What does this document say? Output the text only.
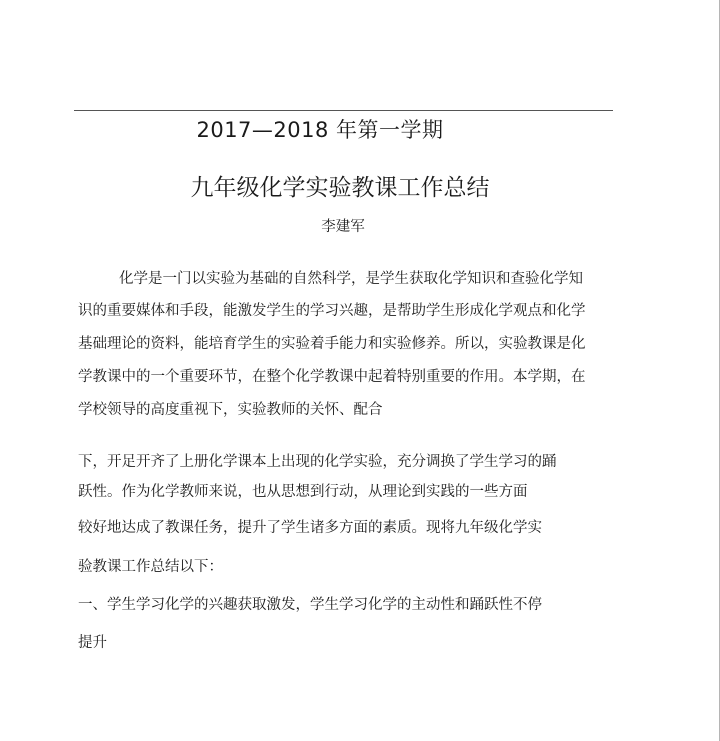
2017—2018 年第一学期
九年级化学实验教课工作总结
李建军
化学是一门以实验为基础的自然科学，是学生获取化学知识和查验化学知
识的重要媒体和手段，能激发学生的学习兴趣，是帮助学生形成化学观点和化学
基础理论的资料，能培育学生的实验着手能力和实验修养。所以，实验教课是化
学教课中的一个重要环节，在整个化学教课中起着特别重要的作用。本学期，在
学校领导的高度重视下，实验教师的关怀、配合
下，开足开齐了上册化学课本上出现的化学实验，充分调换了学生学习的踊
跃性。作为化学教师来说，也从思想到行动，从理论到实践的一些方面
较好地达成了教课任务，提升了学生诸多方面的素质。现将九年级化学实
验教课工作总结以下：
一、学生学习化学的兴趣获取激发，学生学习化学的主动性和踊跃性不停
提升
